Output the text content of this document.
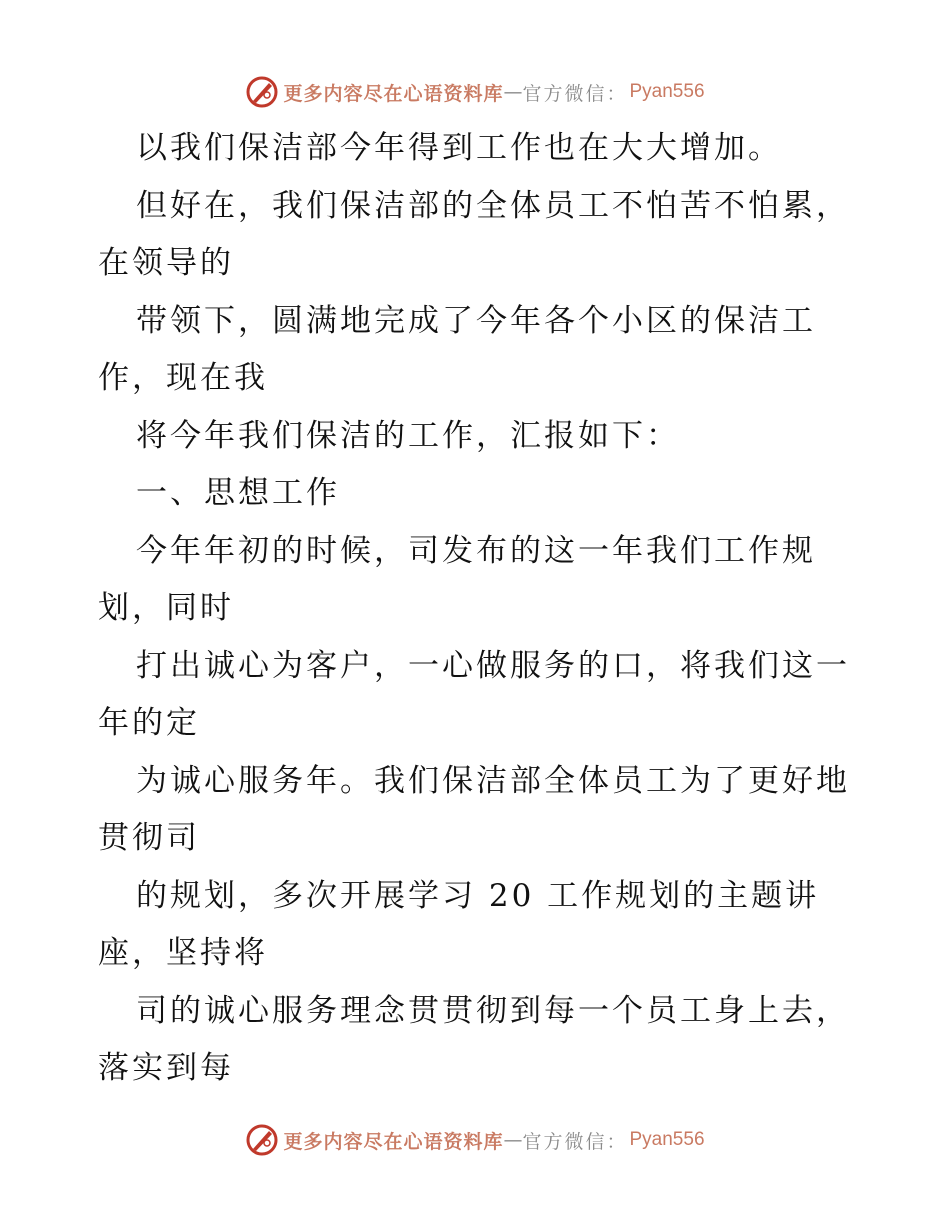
更多内容尽在心语资料库 — 官方微信： Pyan556

以我们保洁部今年得到工作也在大大增加。

但好在，我们保洁部的全体员工不怕苦不怕累，

在领导的

带领下，圆满地完成了今年各个小区的保洁工

作，现在我

将今年我们保洁的工作，汇报如下：

一、思想工作

今年年初的时候，司发布的这一年我们工作规

划，同时

打出诚心为客户，一心做服务的口，将我们这一

年的定

为诚心服务年。我们保洁部全体员工为了更好地

贯彻司

的规划，多次开展学习 20 工作规划的主题讲

座，坚持将

司的诚心服务理念贯贯彻到每一个员工身上去，

落实到每

更多内容尽在心语资料库 — 官方微信： Pyan556
